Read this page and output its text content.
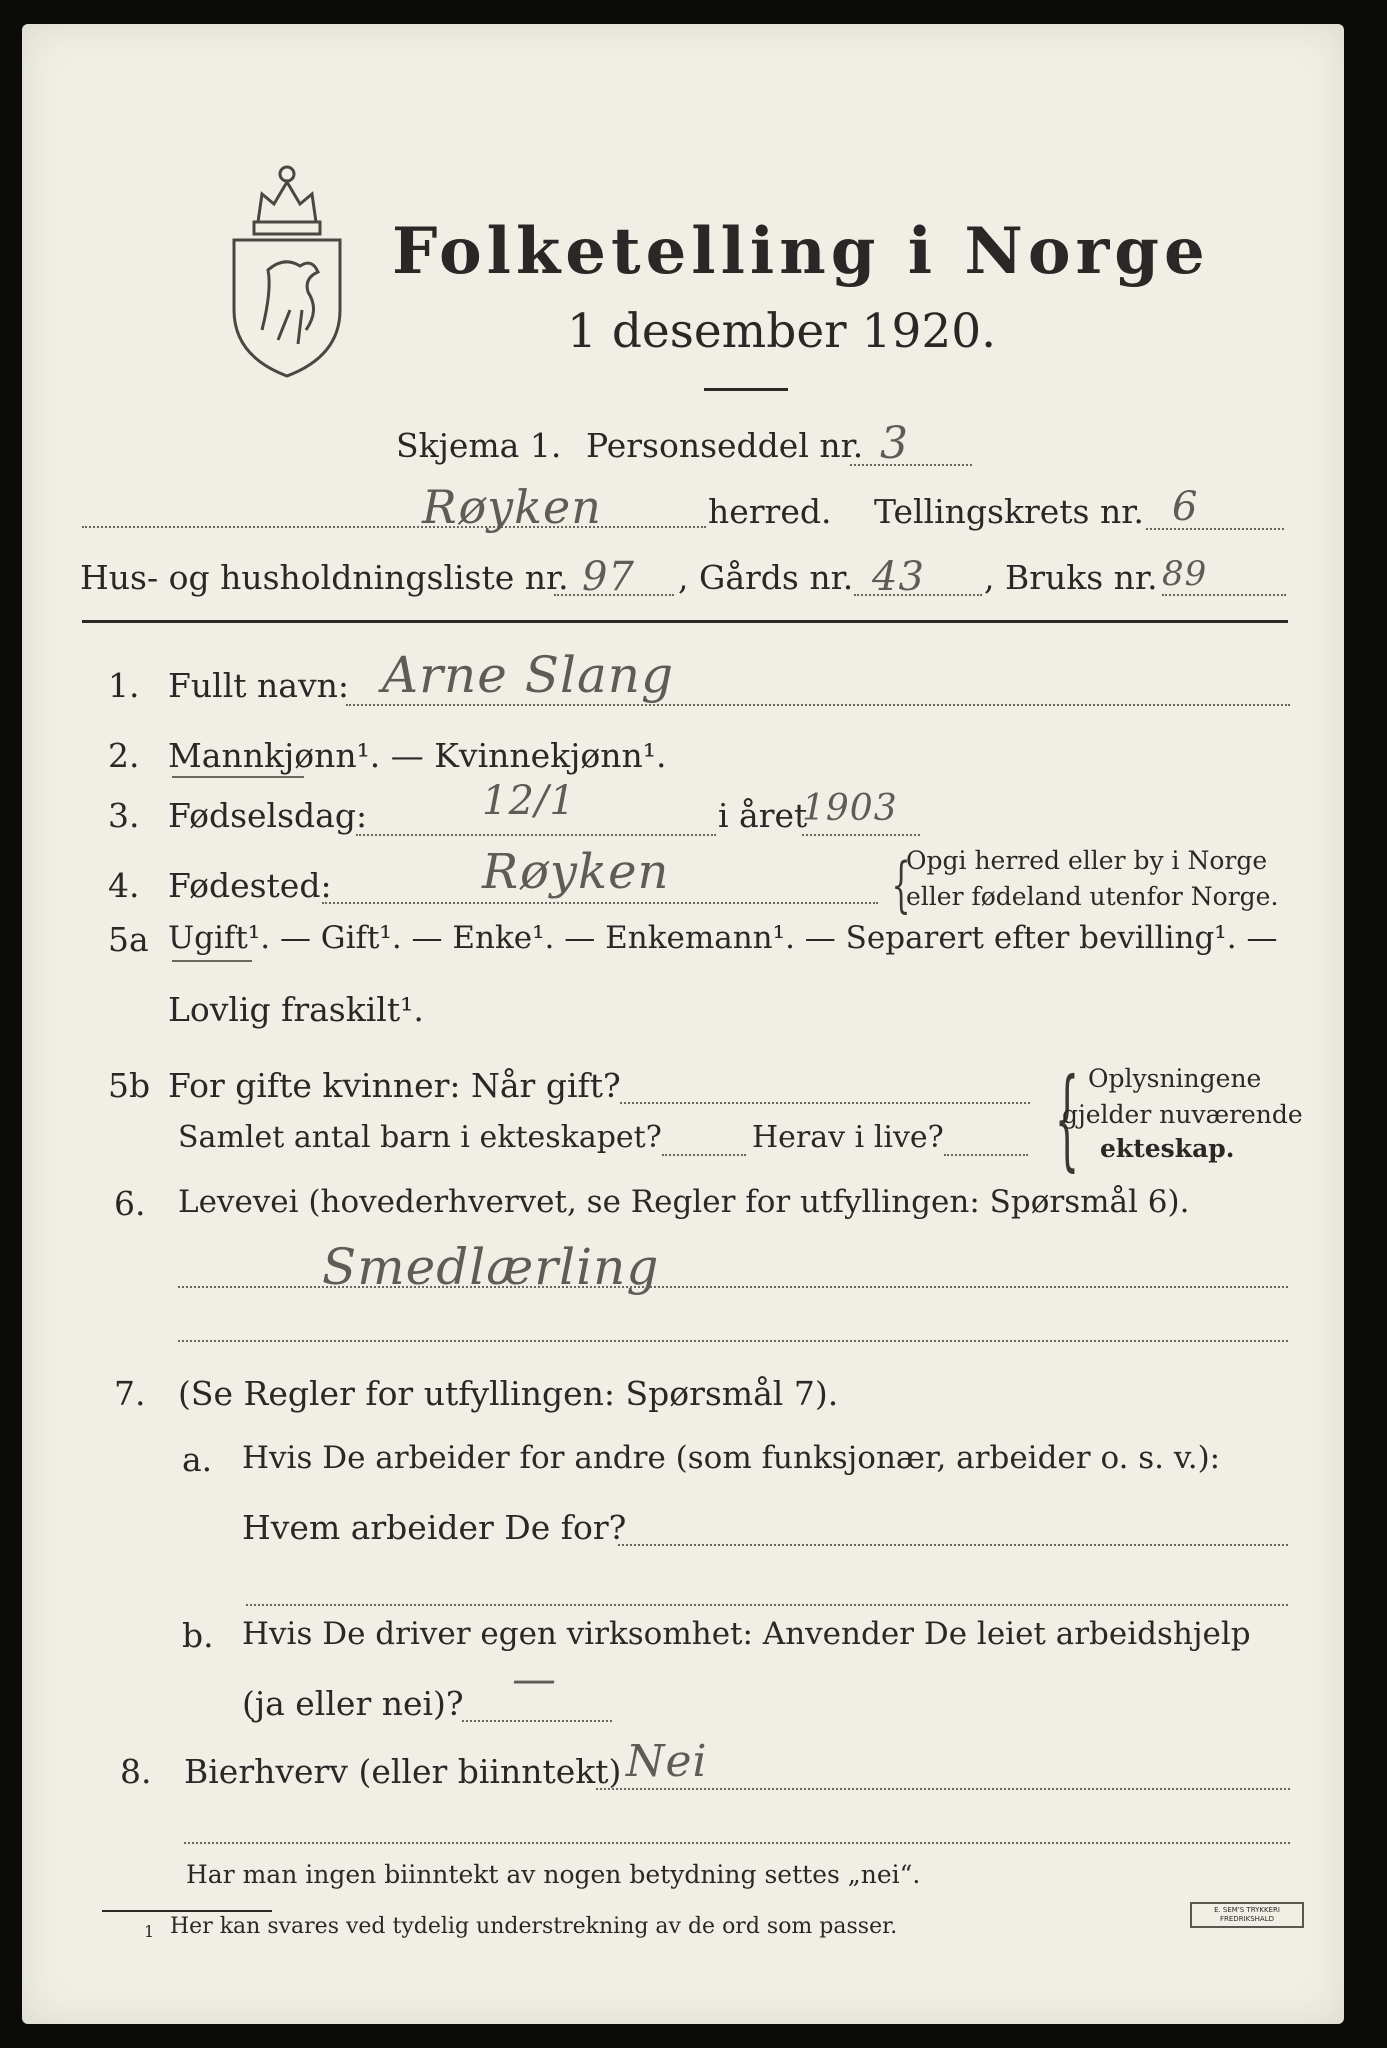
Folketelling i Norge
1 desember 1920.
Skjema 1. Personseddel nr. 3
Røyken	herred. Tellingskrets nr. 6
Hus- og husholdningsliste nr. 97 , Gårds nr. 43 , Bruks nr. 89
1. Fullt navn: Arne Slang
2. Mannkjønn¹. — Kvinnekjønn¹.
3. Fødselsdag:	12/1	i året
1903
4. Fødested:	Røyken	{
Opgi herred eller by i Norge
eller fødeland utenfor Norge.
5a Ugift¹. — Gift¹. — Enke¹. — Enkemann¹. — Separert efter bevilling¹. —
Lovlig fraskilt¹.
5b For gifte kvinner: Når gift?
Samlet antal barn i ekteskapet?	Herav i live? { Oplysningene
gjelder nuværende
ekteskap.
6. Levevei (hovederhvervet, se Regler for utfyllingen: Spørsmål 6).
Smedlærling
7. (Se Regler for utfyllingen: Spørsmål 7).
a. Hvis De arbeider for andre (som funksjonær, arbeider o. s. v.):
Hvem arbeider De for?
b. Hvis De driver egen virksomhet: Anvender De leiet arbeidshjelp
(ja eller nei)? —
8. Bierhverv (eller biinntekt) Nei
Har man ingen biinntekt av nogen betydning settes „nei“.
1 Her kan svares ved tydelig understrekning av de ord som passer.
E. SEM'S TRYKKERI FREDRIKSHALD
